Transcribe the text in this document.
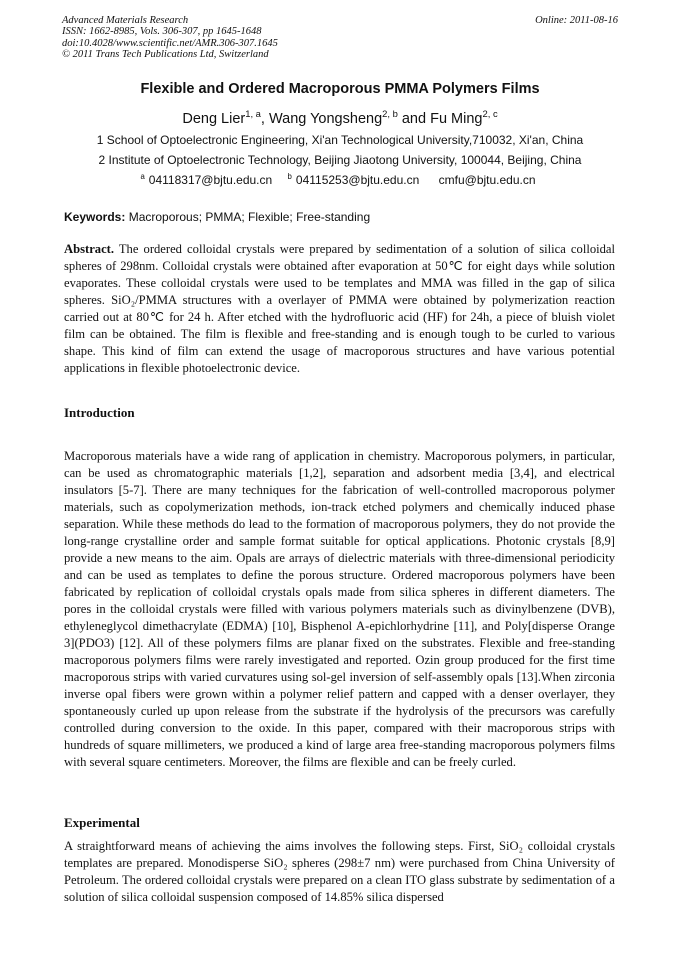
Advanced Materials Research
ISSN: 1662-8985, Vols. 306-307, pp 1645-1648
doi:10.4028/www.scientific.net/AMR.306-307.1645
© 2011 Trans Tech Publications Ltd, Switzerland
Online: 2011-08-16
Flexible and Ordered Macroporous PMMA Polymers Films
Deng Lier$^{1, a}$, Wang Yongsheng$^{2, b}$ and Fu Ming$^{2, c}$
1 School of Optoelectronic Engineering, Xi'an Technological University,710032, Xi'an, China
2 Institute of Optoelectronic Technology, Beijing Jiaotong University, 100044, Beijing, China
$^a$ 04118317@bjtu.edu.cn $^b$ 04115253@bjtu.edu.cn cmfu@bjtu.edu.cn
Keywords: Macroporous; PMMA; Flexible; Free-standing
Abstract. The ordered colloidal crystals were prepared by sedimentation of a solution of silica colloidal spheres of 298nm. Colloidal crystals were obtained after evaporation at 50℃ for eight days while solution evaporates. These colloidal crystals were used to be templates and MMA was filled in the gap of silica spheres. SiO₂/PMMA structures with a overlayer of PMMA were obtained by polymerization reaction carried out at 80℃ for 24 h. After etched with the hydrofluoric acid (HF) for 24h, a piece of bluish violet film can be obtained. The film is flexible and free-standing and is enough tough to be curled to various shape. This kind of film can extend the usage of macroporous structures and have various potential applications in flexible photoelectronic device.
Introduction
Macroporous materials have a wide rang of application in chemistry. Macroporous polymers, in particular, can be used as chromatographic materials [1,2], separation and adsorbent media [3,4], and electrical insulators [5-7]. There are many techniques for the fabrication of well-controlled macroporous polymer materials, such as copolymerization methods, ion-track etched polymers and chemically induced phase separation. While these methods do lead to the formation of macroporous polymers, they do not provide the long-range crystalline order and sample format suitable for optical applications. Photonic crystals [8,9] provide a new means to the aim. Opals are arrays of dielectric materials with three-dimensional periodicity and can be used as templates to define the porous structure. Ordered macroporous polymers have been fabricated by replication of colloidal crystals opals made from silica spheres in different diameters. The pores in the colloidal crystals were filled with various polymers materials such as divinylbenzene (DVB), ethyleneglycol dimethacrylate (EDMA) [10], Bisphenol A-epichlorhydrine [11], and Poly[disperse Orange 3](PDO3) [12]. All of these polymers films are planar fixed on the substrates. Flexible and free-standing macroporous polymers films were rarely investigated and reported. Ozin group produced for the first time macroporous strips with varied curvatures using sol-gel inversion of self-assembly opals [13].When zirconia inverse opal fibers were grown within a polymer relief pattern and capped with a denser overlayer, they spontaneously curled up upon release from the substrate if the hydrolysis of the precursors was carefully controlled during conversion to the oxide. In this paper, compared with their macroporous strips with hundreds of square millimeters, we produced a kind of large area free-standing macroporous polymers films with several square centimeters. Moreover, the films are flexible and can be freely curled.
Experimental
A straightforward means of achieving the aims involves the following steps. First, SiO₂ colloidal crystals templates are prepared. Monodisperse SiO₂ spheres (298±7 nm) were purchased from China University of Petroleum. The ordered colloidal crystals were prepared on a clean ITO glass substrate by sedimentation of a solution of silica colloidal suspension composed of 14.85% silica dispersed
